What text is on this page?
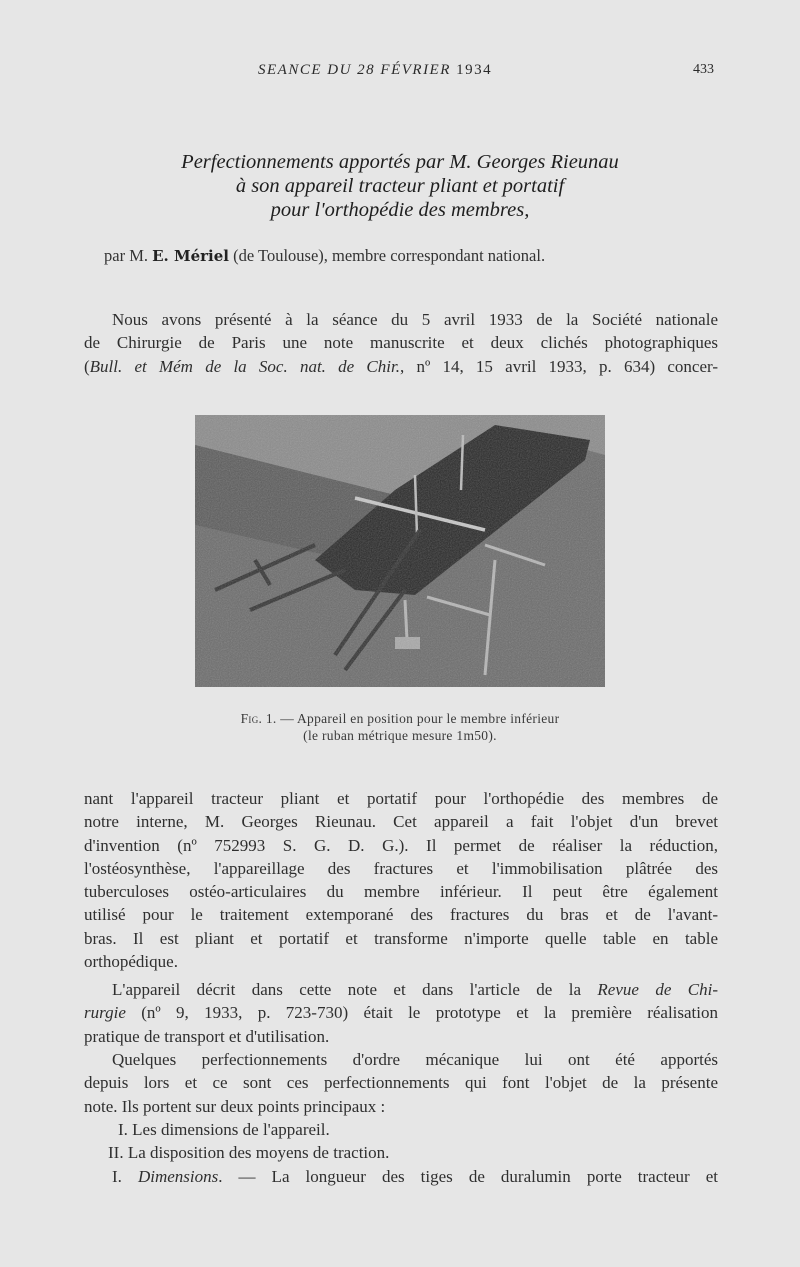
SEANCE DU 28 FÉVRIER 1934	433
Perfectionnements apportés par M. Georges Rieunau
à son appareil tracteur pliant et portatif
pour l'orthopédie des membres,
par M. E. Mériel (de Toulouse), membre correspondant national.
Nous avons présenté à la séance du 5 avril 1933 de la Société nationale
de Chirurgie de Paris une note manuscrite et deux clichés photographiques
(Bull. et Mém de la Soc. nat. de Chir., nº 14, 15 avril 1933, p. 634) concer-
Fig. 1. — Appareil en position pour le membre inférieur
(le ruban métrique mesure 1m50).
nant l'appareil tracteur pliant et portatif pour l'orthopédie des membres de
notre interne, M. Georges Rieunau. Cet appareil a fait l'objet d'un brevet
d'invention (nº 752993 S. G. D. G.). Il permet de réaliser la réduction,
l'ostéosynthèse, l'appareillage des fractures et l'immobilisation plâtrée des
tuberculoses ostéo-articulaires du membre inférieur. Il peut être également
utilisé pour le traitement extemporané des fractures du bras et de l'avant-
bras. Il est pliant et portatif et transforme n'importe quelle table en table
orthopédique.
L'appareil décrit dans cette note et dans l'article de la Revue de Chi-
rurgie (nº 9, 1933, p. 723-730) était le prototype et la première réalisation
pratique de transport et d'utilisation.
Quelques perfectionnements d'ordre mécanique lui ont été apportés
depuis lors et ce sont ces perfectionnements qui font l'objet de la présente
note. Ils portent sur deux points principaux :
I. Les dimensions de l'appareil.
II. La disposition des moyens de traction.
I. Dimensions. — La longueur des tiges de duralumin porte tracteur et
